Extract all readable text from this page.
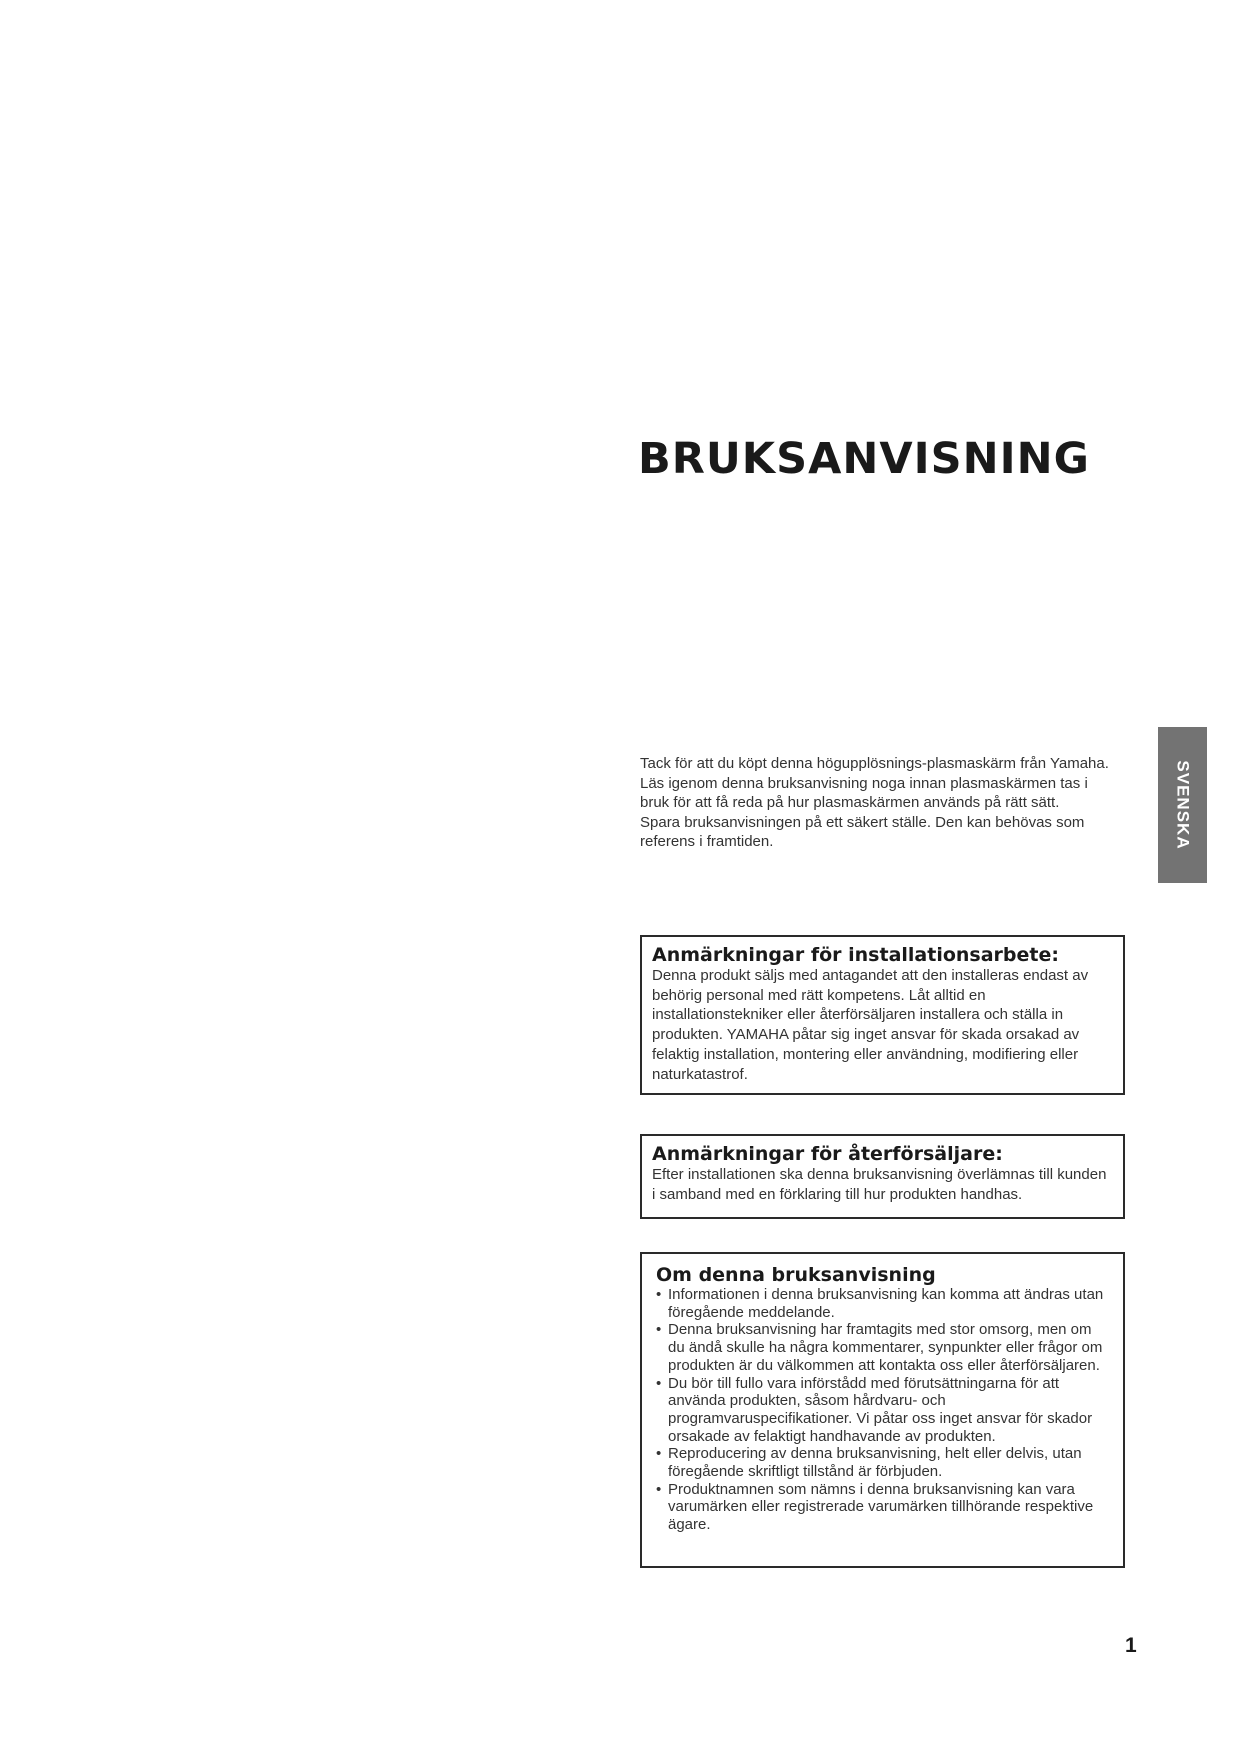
BRUKSANVISNING
SVENSKA

Tack för att du köpt denna högupplösnings-plasmaskärm från Yamaha.

Läs igenom denna bruksanvisning noga innan plasmaskärmen tas i bruk för att få reda på hur plasmaskärmen används på rätt sätt.

Spara bruksanvisningen på ett säkert ställe. Den kan behövas som referens i framtiden.

Anmärkningar för installationsarbete:

Denna produkt säljs med antagandet att den installeras endast av behörig personal med rätt kompetens. Låt alltid en installationstekniker eller återförsäljaren installera och ställa in produkten. YAMAHA påtar sig inget ansvar för skada orsakad av felaktig installation, montering eller användning, modifiering eller naturkatastrof.

Anmärkningar för återförsäljare:

Efter installationen ska denna bruksanvisning överlämnas till kunden i samband med en förklaring till hur produkten handhas.

Om denna bruksanvisning
• Informationen i denna bruksanvisning kan komma att ändras utan föregående meddelande.
• Denna bruksanvisning har framtagits med stor omsorg, men om du ändå skulle ha några kommentarer, synpunkter eller frågor om produkten är du välkommen att kontakta oss eller återförsäljaren.
• Du bör till fullo vara införstådd med förutsättningarna för att använda produkten, såsom hårdvaru- och programvaruspecifikationer. Vi påtar oss inget ansvar för skador orsakade av felaktigt handhavande av produkten.
• Reproducering av denna bruksanvisning, helt eller delvis, utan föregående skriftligt tillstånd är förbjuden.
• Produktnamnen som nämns i denna bruksanvisning kan vara varumärken eller registrerade varumärken tillhörande respektive ägare.
1
